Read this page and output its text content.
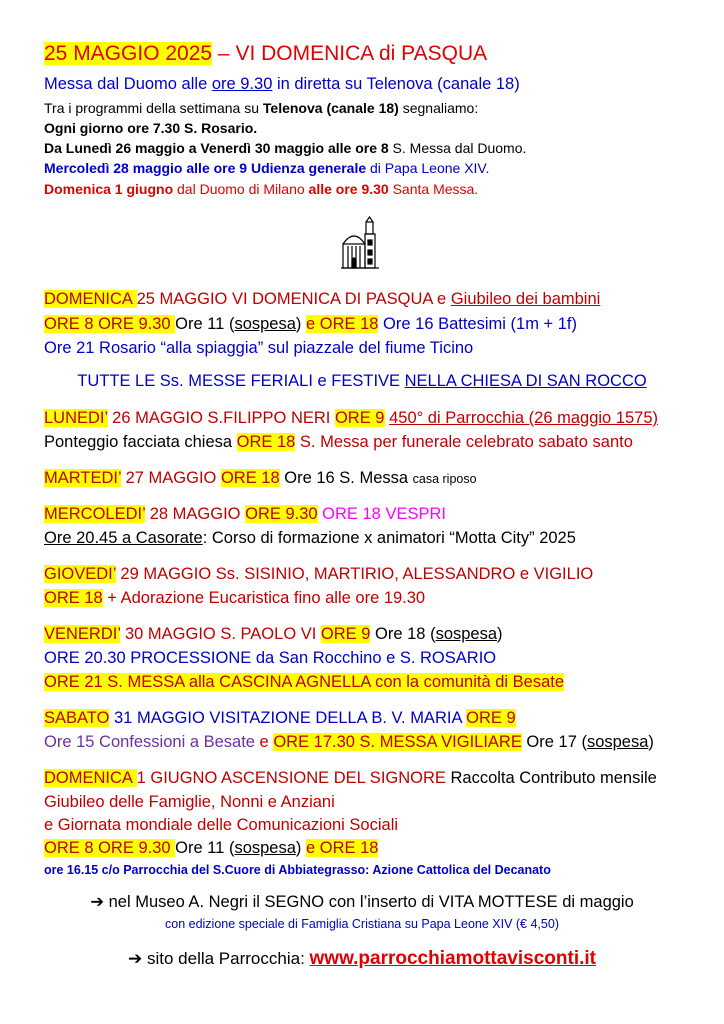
25 MAGGIO 2025 – VI DOMENICA di PASQUA
Messa dal Duomo alle ore 9.30 in diretta su Telenova (canale 18)
Tra i programmi della settimana su Telenova (canale 18) segnaliamo:
Ogni giorno ore 7.30 S. Rosario.
Da Lunedì 26 maggio a Venerdì 30 maggio alle ore 8 S. Messa dal Duomo.
Mercoledì 28 maggio alle ore 9 Udienza generale di Papa Leone XIV.
Domenica 1 giugno dal Duomo di Milano alle ore 9.30 Santa Messa.
DOMENICA 25 MAGGIO VI DOMENICA DI PASQUA e Giubileo dei bambini
ORE 8 ORE 9.30 Ore 11 (sospesa) e ORE 18 Ore 16 Battesimi (1m + 1f)
Ore 21 Rosario “alla spiaggia” sul piazzale del fiume Ticino
TUTTE LE Ss. MESSE FERIALI e FESTIVE NELLA CHIESA DI SAN ROCCO
LUNEDI’ 26 MAGGIO S.FILIPPO NERI ORE 9 450° di Parrocchia (26 maggio 1575)
Ponteggio facciata chiesa ORE 18 S. Messa per funerale celebrato sabato santo
MARTEDI’ 27 MAGGIO ORE 18 Ore 16 S. Messa casa riposo
MERCOLEDI’ 28 MAGGIO ORE 9.30 ORE 18 VESPRI
Ore 20.45 a Casorate: Corso di formazione x animatori “Motta City” 2025
GIOVEDI’ 29 MAGGIO Ss. SISINIO, MARTIRIO, ALESSANDRO e VIGILIO
ORE 18 + Adorazione Eucaristica fino alle ore 19.30
VENERDI’ 30 MAGGIO S. PAOLO VI ORE 9 Ore 18 (sospesa)
ORE 20.30 PROCESSIONE da San Rocchino e S. ROSARIO
ORE 21 S. MESSA alla CASCINA AGNELLA con la comunità di Besate
SABATO 31 MAGGIO VISITAZIONE DELLA B. V. MARIA ORE 9
Ore 15 Confessioni a Besate e ORE 17.30 S. MESSA VIGILIARE Ore 17 (sospesa)
DOMENICA 1 GIUGNO ASCENSIONE DEL SIGNORE Raccolta Contributo mensile
Giubileo delle Famiglie, Nonni e Anziani
e Giornata mondiale delle Comunicazioni Sociali
ORE 8 ORE 9.30 Ore 11 (sospesa) e ORE 18
ore 16.15 c/o Parrocchia del S.Cuore di Abbiategrasso: Azione Cattolica del Decanato
➔ nel Museo A. Negri il SEGNO con l’inserto di VITA MOTTESE di maggio
con edizione speciale di Famiglia Cristiana su Papa Leone XIV (€ 4,50)
➔ sito della Parrocchia: www.parrocchiamottavisconti.it
